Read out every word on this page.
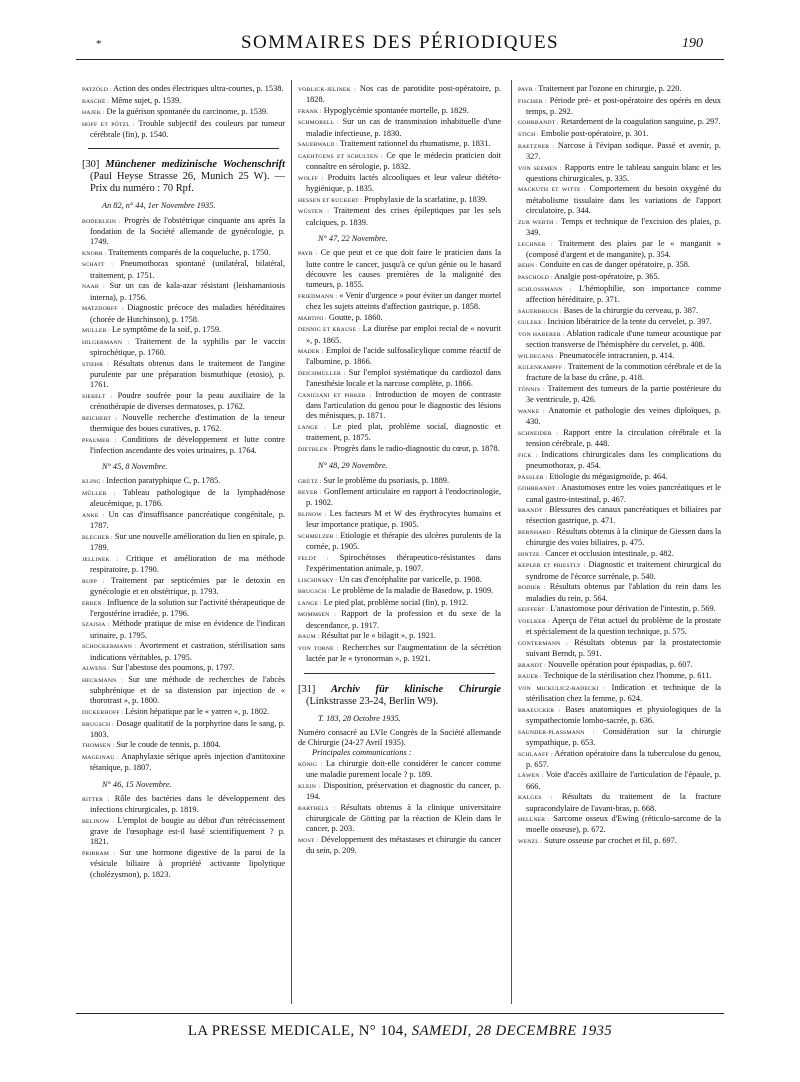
*	SOMMAIRES DES PÉRIODIQUES	190

PATZÖLD : Action des ondes électriques ultra-courtes, p. 1538.

BASCHÉ : Même sujet, p. 1539.

HAJEK : De la guérison spontanée du carcinome, p. 1539.

HOFF ET PÖTZL : Trouble subjectif des couleurs par tumeur cérébrale (fin), p. 1540.

[30] Münchener medizinische Wochenschrift (Paul Heyse Strasse 26, Munich 25 W). — Prix du numéro : 70 Rpf.
An 82, n° 44, 1er Novembre 1935.

BODERLEIN : Progrès de l'obstétrique cinquante ans après la fondation de la Société allemande de gynécologie, p. 1749.

KNORR : Traitements comparés de la coqueluche, p. 1750.

SCHATT : Pneumothorax spontané (unilatéral, bilatéral, traitement, p. 1751.

NAAB : Sur un cas de kala-azar résistant (leishamaniosis interna), p. 1756.

MATZDORFF : Diagnostic précoce des maladies héréditaires (chorée de Hutchinson), p. 1758.

MULLER : Le symptôme de la soif, p. 1759.

HILGERMANN : Traitement de la syphilis par le vaccin spirochétique, p. 1760.

STIEHR : Résultats obtenus dans le traitement de l'angine purulente par une préparation bismuthique (etosio), p. 1761.

SIEBELT : Poudre soufrée pour la peau auxiliaire de la crénothérapie de diverses dermatoses, p. 1762.

REICHERT : Nouvelle recherche d'estimation de la teneur thermique des boues curatives, p. 1762.

PFAUMER : Conditions de développement et lutte contre l'infection ascendante des voies urinaires, p. 1764.

N° 45, 8 Novembre.

KLING : Infection paratyphique C, p. 1785.

MÜLLER : Tableau pathologique de la lymphadénose aleucémique, p. 1786.

ANKE : Un cas d'insuffisance pancréatique congénitale, p. 1787.

BLECHER : Sur une nouvelle amélioration du lien en spirale, p. 1789.

JELLINEK : Critique et amélioration de ma méthode respiratoire, p. 1790.

RUPP : Traitement par septicémies par le detoxin en gynécologie et en obstétrique, p. 1793.

ERBEN : Influence de la solution sur l'activité thérapeutique de l'ergostérine irradiée, p. 1796.

SZAJSIA : Méthode pratique de mise en évidence de l'indican urinaire, p. 1795.

SCHOCKERMANN : Avortement et castration, stérilisation sans indications véritables, p. 1795.

ALWENS : Sur l'abestose des poumons, p. 1797.

HECKMANN : Sur une méthode de recherches de l'abcès subphrénique et de sa distension par injection de « thorotrast », p. 1800.

DICKERHOFF : Lésion hépatique par le « yatren », p. 1802.

BRUGSCH : Dosage qualitatif de la porphyrine dans le sang, p. 1803.

THOMSEN : Sur le coude de tennis, p. 1804.

MAGEINAU : Anaphylaxie sérique après injection d'antitoxine tétanique, p. 1807.

N° 46, 15 Novembre.

RITTER : Rôle des bactéries dans le développement des infections chirurgicales, p. 1819.

BELINOW : L'emploi de bougie au début d'un rétrécissement grave de l'œsophage est-il basé scientifiquement ? p. 1821.

PRIBRAM : Sur une hormone digestive de la paroi de la vésicule biliaire à propriété activante lipolytique (cholézysmon), p. 1823.

VOBLICK-JELINEK : Nos cas de parotidite post-opératoire, p. 1828.

FRANK : Hypoglycémie spontanée mortelle, p. 1829.

SCHMORELL : Sur un cas de transmission inhabituelle d'une maladie infectieuse, p. 1830.

SAUERWALD : Traitement rationnel du rhumatisme, p. 1831.

GAEHTGENS ET SCHULTEN : Ce que le médecin praticien doit connaître en sérologie, p. 1832.

WOLFF : Produits lactés alcooliques et leur valeur diététo-hygiénique, p. 1835.

HESSEN ET RUCKERT : Prophylaxie de la scarlatine, p. 1839.

WÜSTEN : Traitement des crises épileptiques par les sels calciques, p. 1839.

N° 47, 22 Novembre.

PAYR : Ce que peut et ce que doit faire le praticien dans la lutte contre le cancer, jusqu'à ce qu'un génie ou le hasard découvre les causes premières de la malignité des tumeurs, p. 1855.

FRIEDMANN : « Venir d'urgence » pour éviter un danger mortel chez les sujets atteints d'affection gastrique, p. 1858.

MARTINI : Goutte, p. 1860.

DENNIG ET KRAUSE : La diurèse par emploi rectal de « novurit », p. 1865.

MADER : Emploi de l'acide sulfosalicylique comme réactif de l'albumine, p. 1866.

DEICHMÜLLER : Sur l'emploi systématique du cardiozol dans l'anesthésie locale et la narcose complète, p. 1866.

CANIGIANI ET PIRKER : Introduction de moyen de contraste dans l'articulation du genou pour le diagnostic des lésions des ménisques, p. 1871.

LANGE : Le pied plat, problème social, diagnostic et traitement, p. 1875.

DIETHLEN : Progrès dans le radio-diagnostic du cœur, p. 1878.

N° 48, 29 Novembre.

GRÜTZ : Sur le problème du psoriasis, p. 1889.

BEYER : Gonflement articulaire en rapport à l'endocrinologie, p. 1902.

BLINOW : Les facteurs M et W des érythrocytes humains et leur importance pratique, p. 1905.

SCHMELZER : Etiologie et thérapie des ulcères purulents de la cornée, p. 1905.

FELDT : Spirochétoses thérapeutico-résistantes dans l'expérimentation animale, p. 1907.

LISCHINSKY : Un cas d'encéphalite par varicelle, p. 1908.

BRUGSCH : Le problème de la maladie de Basedow, p. 1909.

LANGE : Le pied plat, problème social (fin), p. 1912.

MOMMSEN : Rapport de la profession et du sexe de la descendance, p. 1917.

BAUM : Résultat par le « bilagit », p. 1921.

VON TORNE : Recherches sur l'augmentation de la sécrétion lactée par le « tyronorman », p. 1921.

[31] Archiv für klinische Chirurgie (Linkstrasse 23-24, Berlin W9).
T. 183, 28 Octobre 1935.

Numéro consacré au LVIe Congrès de la Société allemande de Chirurgie (24-27 Avril 1935).

Principales communications :

KÖNIG : La chirurgie doit-elle considérer le cancer comme une maladie purement locale ? p. 189.

KLEIN : Disposition, préservation et diagnostic du cancer, p. 194.

BARTHELS : Résultats obtenus à la clinique universitaire chirurgicale de Götting par la réaction de Klein dans le cancer, p. 203.

MOST : Développement des métastases et chirurgie du cancer du sein, p. 209.

PAYR : Traitement par l'ozone en chirurgie, p. 220.

FISCHER : Période pré- et post-opératoire des opérés en deux temps, p. 292.

GOHRBANDT : Retardement de la coagulation sanguine, p. 297.

STICH : Embolie post-opératoire, p. 301.

BAETZNER : Narcose à l'évipan sodique. Passé et avenir, p. 327.

VON SEEMEN : Rapports entre le tableau sanguin blanc et les questions chirurgicales, p. 335.

MACKUTH ET WITTE : Comportement du besoin oxygéné du métabolisme tissulaire dans les variations de l'apport circulatoire, p. 344.

ZUR WERTH : Temps et technique de l'excision des plaies, p. 349.

LECHNER : Traitement des plaies par le « manganit » (composé d'argent et de manganite), p. 354.

BEHN : Conduite en cas de danger opératoire, p. 358.

PASCHOLD : Analgie post-opératoire, p. 365.

SCHLOSSMANN : L'hémophilie, son importance comme affection héréditaire, p. 371.

SAUERBRUCH : Bases de la chirurgie du cerveau, p. 387.

GULEKE : Incision libératrice de la tente du cervelet, p. 397.

VON HABERER : Ablation radicale d'une tumeur acoustique par section transverse de l'hémisphère du cervelet, p. 408.

WILDEGANS : Pneumatocèle intracranien, p. 414.

KULENKAMPFF : Traitement de la commotion cérébrale et de la fracture de la base du crâne, p. 418.

TÖNNIS : Traitement des tumeurs de la partie postérieure du 3e ventricule, p. 426.

WANKE : Anatomie et pathologie des veines diploïques, p. 430.

SCHNEIDER : Rapport entre la circulation cérébrale et la tension cérébrale, p. 448.

FICK : Indications chirurgicales dans les complications du pneumothorax, p. 454.

PÄSSLER : Etiologie du mégasigmoïde, p. 464.

GOHRBANDT : Anastomoses entre les voies pancréatiques et le canal gastro-intestinal, p. 467.

BRANDT : Blessures des canaux pancréatiques et biliaires par résection gastrique, p. 471.

BERNHARD : Résultats obtenus à la clinique de Giessen dans la chirurgie des voies biliaires, p. 475.

HINTZE : Cancer et occlusion intestinale, p. 482.

KEPLER ET PRIESTLY : Diagnostic et traitement chirurgical du syndrome de l'écorce surrénale, p. 540.

BODIER : Résultats obtenus par l'ablation du rein dans les maladies du rein, p. 564.

SEIFFERT : L'anastomose pour dérivation de l'intestin, p. 569.

VOELKER : Aperçu de l'état actuel du problème de la prostate et spécialement de la question technique, p. 575.

GONTERMANN : Résultats obtenus par la prostatectomie suivant Berndt, p. 591.

BRANDT : Nouvelle opération pour épispadias, p. 607.

BAUER : Technique de la stérilisation chez l'homme, p. 611.

VON MICKULICZ-RADECKI : Indication et technique de la stérilisation chez la femme, p. 624.

BRAEUCKER : Bases anatomiques et physiologiques de la sympathectomie lombo-sacrée, p. 636.

SAUNDER-PLASSMANN : Considération sur la chirurgie sympathique, p. 653.

SCHLAAFF : Aération opératoire dans la tuberculose du genou, p. 657.

LÄWEN : Voie d'accès axillaire de l'articulation de l'épaule, p. 666.

KALGES : Résultats du traitement de la fracture supracondylaire de l'avant-bras, p. 668.

HELLNER : Sarcome osseux d'Ewing (réticulo-sarcome de la moelle osseuse), p. 672.

WENZL : Suture osseuse par crochet et fil, p. 697.

LA PRESSE MEDICALE, N° 104, SAMEDI, 28 DECEMBRE 1935
